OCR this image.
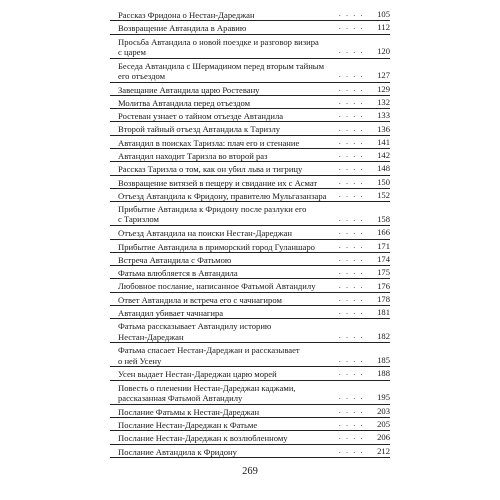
Рассказ Фридона о Нестан-Дареджан	. . . .	105
Возвращение Автандила в Аравию	. . . .	112
Просьба Автандила о новой поездке и разговор визира
с царем	. . . .	120
Беседа Автандила с Шермадином перед вторым тайным
его отъездом	. . . .	127
Завещание Автандила царю Ростевану	. . . .	129
Молитва Автандила перед отъездом	. . . .	132
Ростеван узнает о тайном отъезде Автандила	. . . .	133
Второй тайный отъезд Автандила к Таризлу	. . . .	136
Автандил в поисках Таризла: плач его и стенание	. . . .	141
Автандил находит Таризла во второй раз	. . . .	142
Рассказ Таризла о том, как он убил льва и тигрицу	. . . .	148
Возвращение витязей в пещеру и свидание их с Асмат	. . . .	150
Отъезд Автандила к Фридону, правителю Мульгазанзара	. . . .	152
Прибытие Автандила к Фридону после разлуки его
с Таризлом	. . . .	158
Отъезд Автандила на поиски Нестан-Дареджан	. . . .	166
Прибытие Автандила в приморский город Гуланшаро	. . . .	171
Встреча Автандила с Фатьмою	. . . .	174
Фатьма влюбляется в Автандила	. . . .	175
Любовное послание, написанное Фатьмой Автандилу	. . . .	176
Ответ Автандила и встреча его с чачнагиром	. . . .	178
Автандил убивает чачнагира	. . . .	181
Фатьма рассказывает Автандилу историю
Нестан-Дареджан	. . . .	182
Фатьма спасает Нестан-Дареджан и рассказывает
о ней Усену	. . . .	185
Усен выдает Нестан-Дареджан царю морей	. . . .	188
Повесть о пленении Нестан-Дареджан каджами,
рассказанная Фатьмой Автандилу	. . . .	195
Послание Фатьмы к Нестан-Дареджан	. . . .	203
Послание Нестан-Дареджан к Фатьме	. . . .	205
Послание Нестан-Дареджан к возлюбленному	. . . .	206
Послание Автандила к Фридону	. . . .	212
269
